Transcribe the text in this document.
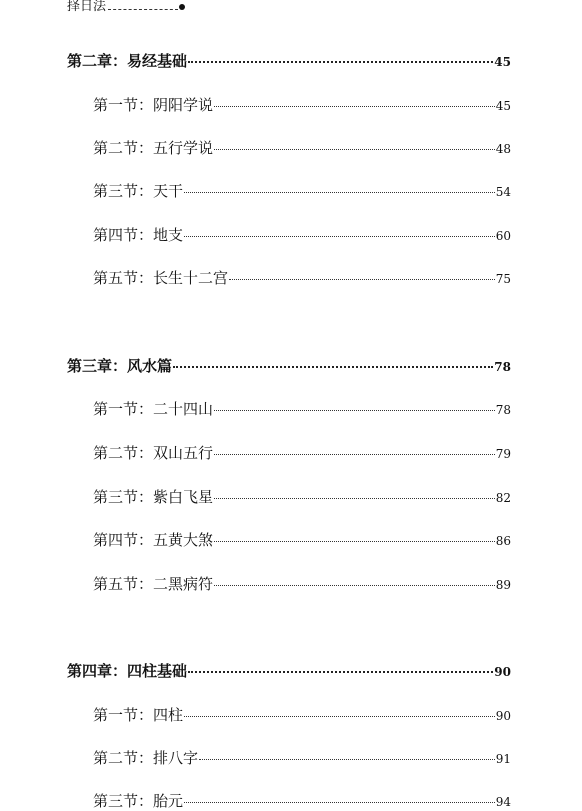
择日法
第二章：易经基础	45
第一节：阴阳学说	45
第二节：五行学说	48
第三节：天干	54
第四节：地支	60
第五节：长生十二宫	75
第三章：风水篇	78
第一节：二十四山	78
第二节：双山五行	79
第三节：紫白飞星	82
第四节：五黄大煞	86
第五节：二黑病符	89
第四章：四柱基础	90
第一节：四柱	90
第二节：排八字	91
第三节：胎元	94
